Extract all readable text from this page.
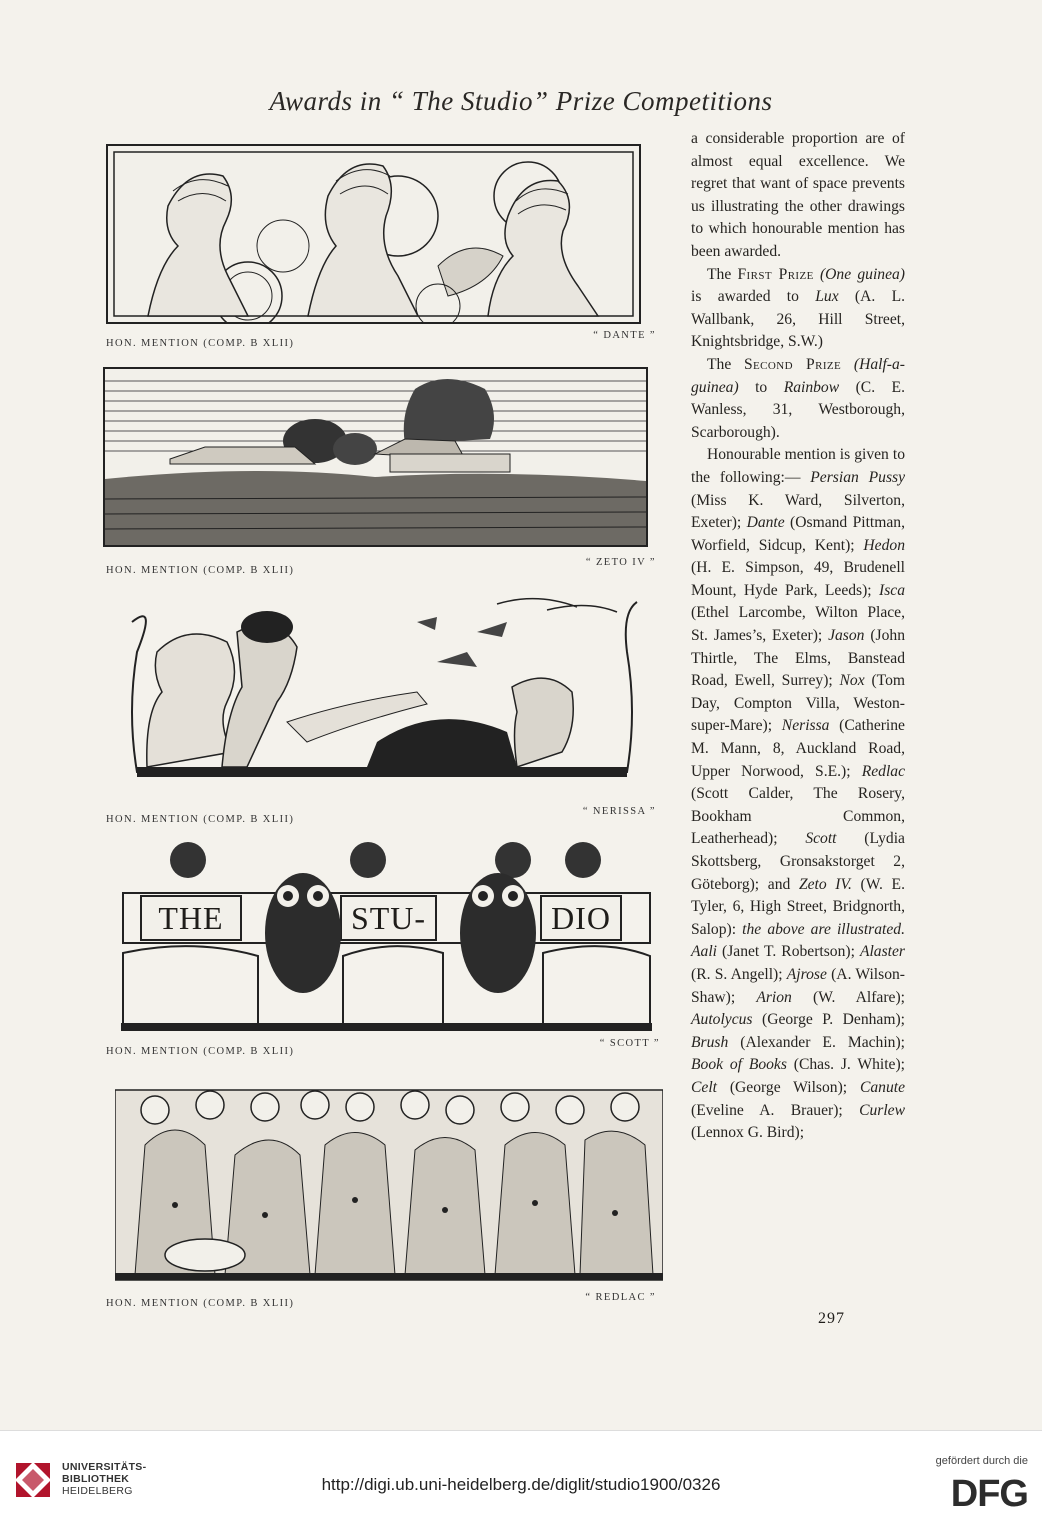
Awards in “ The Studio” Prize Competitions
HON. MENTION (COMP. B XLII)
“ DANTE ”
HON. MENTION (COMP. B XLII)
“ ZETO IV ”
HON. MENTION (COMP. B XLII)
“ NERISSA ”
THE	STU-	DIO
HON. MENTION (COMP. B XLII)
“ SCOTT ”
HON. MENTION (COMP. B XLII)
“ REDLAC ”

a considerable proportion are of almost equal excellence. We regret that want of space prevents us illustrating the other drawings to which honourable mention has been awarded.

The First Prize (One guinea) is awarded to Lux (A. L. Wallbank, 26, Hill Street, Knightsbridge, S.W.)

The Second Prize (Half-a-guinea) to Rainbow (C. E. Wanless, 31, Westborough, Scarborough).

Honourable mention is given to the following:— Persian Pussy (Miss K. Ward, Silverton, Exeter); Dante (Osmand Pittman, Worfield, Sidcup, Kent); Hedon (H. E. Simpson, 49, Brudenell Mount, Hyde Park, Leeds); Isca (Ethel Larcombe, Wilton Place, St. James’s, Exeter); Jason (John Thirtle, The Elms, Banstead Road, Ewell, Surrey); Nox (Tom Day, Compton Villa, Weston-super-Mare); Nerissa (Catherine M. Mann, 8, Auckland Road, Upper Norwood, S.E.); Redlac (Scott Calder, The Rosery, Bookham Common, Leatherhead); Scott (Lydia Skottsberg, Gronsakstorget 2, Göteborg); and Zeto IV. (W. E. Tyler, 6, High Street, Bridgnorth, Salop): the above are illustrated. Aali (Janet T. Robertson); Alaster (R. S. Angell); Ajrose (A. Wilson-Shaw); Arion (W. Alfare); Autolycus (George P. Denham); Brush (Alexander E. Machin); Book of Books (Chas. J. White); Celt (George Wilson); Canute (Eveline A. Brauer); Curlew (Lennox G. Bird);

297
UNIVERSITÄTS-
BIBLIOTHEK
HEIDELBERG	http://digi.ub.uni-heidelberg.de/diglit/studio1900/0326
gefördert durch die
DFG
